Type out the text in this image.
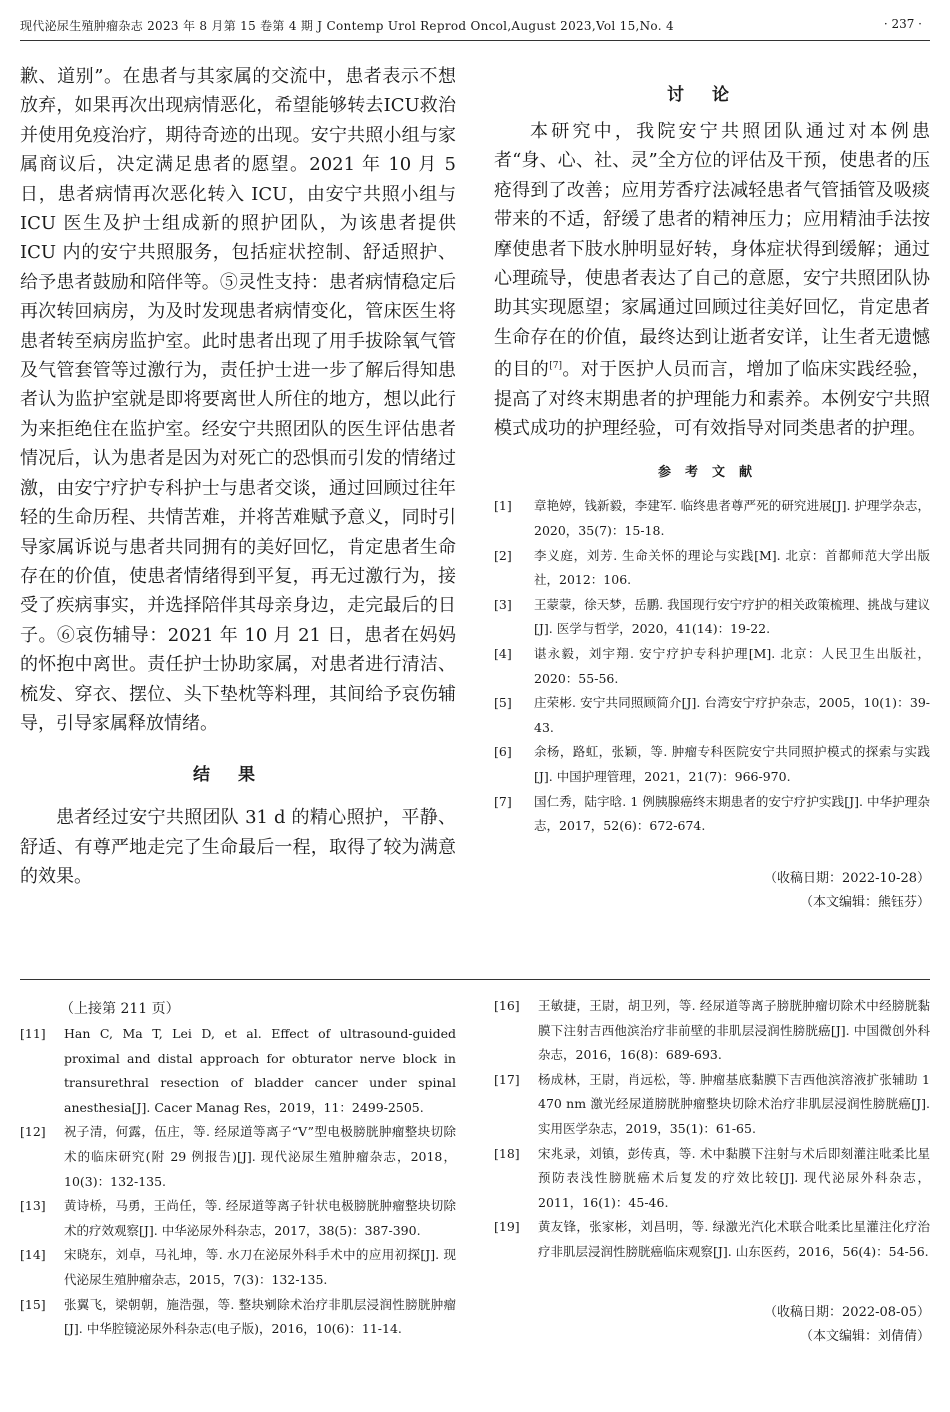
现代泌尿生殖肿瘤杂志 2023 年 8 月第 15 卷第 4 期 J Contemp Urol Reprod Oncol,August 2023,Vol 15,No. 4	· 237 ·

歉、道别”。在患者与其家属的交流中，患者表示不想放弃，如果再次出现病情恶化，希望能够转去ICU救治并使用免疫治疗，期待奇迹的出现。安宁共照小组与家属商议后，决定满足患者的愿望。2021 年 10 月 5 日，患者病情再次恶化转入 ICU，由安宁共照小组与 ICU 医生及护士组成新的照护团队，为该患者提供 ICU 内的安宁共照服务，包括症状控制、舒适照护、给予患者鼓励和陪伴等。⑤灵性支持：患者病情稳定后再次转回病房，为及时发现患者病情变化，管床医生将患者转至病房监护室。此时患者出现了用手拔除氧气管及气管套管等过激行为，责任护士进一步了解后得知患者认为监护室就是即将要离世人所住的地方，想以此行为来拒绝住在监护室。经安宁共照团队的医生评估患者情况后，认为患者是因为对死亡的恐惧而引发的情绪过激，由安宁疗护专科护士与患者交谈，通过回顾过往年轻的生命历程、共情苦难，并将苦难赋予意义，同时引导家属诉说与患者共同拥有的美好回忆，肯定患者生命存在的价值，使患者情绪得到平复，再无过激行为，接受了疾病事实，并选择陪伴其母亲身边，走完最后的日子。⑥哀伤辅导：2021 年 10 月 21 日，患者在妈妈的怀抱中离世。责任护士协助家属，对患者进行清洁、梳发、穿衣、摆位、头下垫枕等料理，其间给予哀伤辅导，引导家属释放情绪。

结果

患者经过安宁共照团队 31 d 的精心照护，平静、舒适、有尊严地走完了生命最后一程，取得了较为满意的效果。

讨论

本研究中，我院安宁共照团队通过对本例患者“身、心、社、灵”全方位的评估及干预，使患者的压疮得到了改善；应用芳香疗法减轻患者气管插管及吸痰带来的不适，舒缓了患者的精神压力；应用精油手法按摩使患者下肢水肿明显好转，身体症状得到缓解；通过心理疏导，使患者表达了自己的意愿，安宁共照团队协助其实现愿望；家属通过回顾过往美好回忆，肯定患者生命存在的价值，最终达到让逝者安详，让生者无遗憾的目的[7]。对于医护人员而言，增加了临床实践经验，提高了对终末期患者的护理能力和素养。本例安宁共照模式成功的护理经验，可有效指导对同类患者的护理。

参考文献

[1] 章艳婷，钱新毅，李建军. 临终患者尊严死的研究进展[J]. 护理学杂志，2020，35(7)：15-18.
[2] 李义庭，刘芳. 生命关怀的理论与实践[M]. 北京：首都师范大学出版社，2012：106.
[3] 王蒙蒙，徐天梦，岳鹏. 我国现行安宁疗护的相关政策梳理、挑战与建议[J]. 医学与哲学，2020，41(14)：19-22.
[4] 谌永毅，刘宇翔. 安宁疗护专科护理[M]. 北京：人民卫生出版社，2020：55-56.
[5] 庄荣彬. 安宁共同照顾简介[J]. 台湾安宁疗护杂志，2005，10(1)：39-43.
[6] 余杨，路虹，张颖，等. 肿瘤专科医院安宁共同照护模式的探索与实践[J]. 中国护理管理，2021，21(7)：966-970.
[7] 国仁秀，陆宇晗. 1 例胰腺癌终末期患者的安宁疗护实践[J]. 中华护理杂志，2017，52(6)：672-674.
（收稿日期：2022-10-28）
（本文编辑：熊钰芬）
（上接第 211 页）
[11] Han C, Ma T, Lei D, et al. Effect of ultrasound-guided proximal and distal approach for obturator nerve block in transurethral resection of bladder cancer under spinal anesthesia[J]. Cacer Manag Res，2019，11：2499-2505.
[12] 祝子清，何露，伍庄，等. 经尿道等离子“V”型电极膀胱肿瘤整块切除术的临床研究(附 29 例报告)[J]. 现代泌尿生殖肿瘤杂志，2018，10(3)：132-135.
[13] 黄诗桥，马勇，王尚任，等. 经尿道等离子针状电极膀胱肿瘤整块切除术的疗效观察[J]. 中华泌尿外科杂志，2017，38(5)：387-390.
[14] 宋晓东，刘卓，马礼坤，等. 水刀在泌尿外科手术中的应用初探[J]. 现代泌尿生殖肿瘤杂志，2015，7(3)：132-135.
[15] 张翼飞，梁朝朝，施浩强，等. 整块剜除术治疗非肌层浸润性膀胱肿瘤[J]. 中华腔镜泌尿外科杂志(电子版)，2016，10(6)：11-14.
[16] 王敏捷，王尉，胡卫列，等. 经尿道等离子膀胱肿瘤切除术中经膀胱黏膜下注射吉西他滨治疗非前壁的非肌层浸润性膀胱癌[J]. 中国微创外科杂志，2016，16(8)：689-693.
[17] 杨成林，王尉，肖远松，等. 肿瘤基底黏膜下吉西他滨溶液扩张辅助 1 470 nm 激光经尿道膀胱肿瘤整块切除术治疗非肌层浸润性膀胱癌[J]. 实用医学杂志，2019，35(1)：61-65.
[18] 宋兆录，刘镇，彭传真，等. 术中黏膜下注射与术后即刻灌注吡柔比星预防表浅性膀胱癌术后复发的疗效比较[J]. 现代泌尿外科杂志，2011，16(1)：45-46.
[19] 黄友锋，张家彬，刘昌明，等. 绿激光汽化术联合吡柔比星灌注化疗治疗非肌层浸润性膀胱癌临床观察[J]. 山东医药，2016，56(4)：54-56.
（收稿日期：2022-08-05）
（本文编辑：刘倩倩）
